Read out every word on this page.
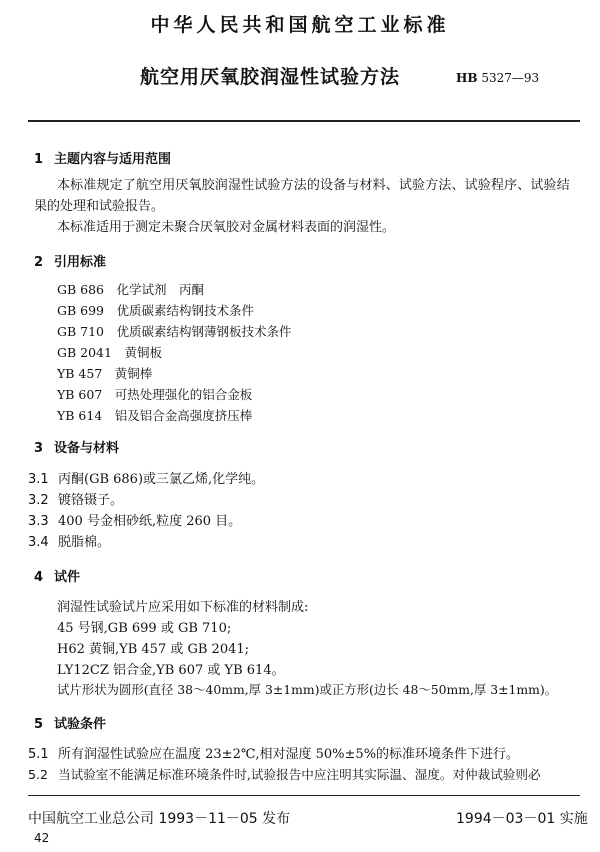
中华人民共和国航空工业标准
航空用厌氧胶润湿性试验方法	HB 5327—93
1 主题内容与适用范围
本标准规定了航空用厌氧胶润湿性试验方法的设备与材料、试验方法、试验程序、试验结
果的处理和试验报告。
本标准适用于测定未聚合厌氧胶对金属材料表面的润湿性。
2 引用标准
GB 686　 化学试剂　丙酮
GB 699　 优质碳素结构钢技术条件
GB 710　 优质碳素结构钢薄钢板技术条件
GB 2041　 黄铜板
YB 457　 黄铜棒
YB 607　 可热处理强化的铝合金板
YB 614　 铝及铝合金高强度挤压棒
3 设备与材料
3.1 丙酮(GB 686)或三氯乙烯,化学纯。
3.2 镀铬镊子。
3.3 400 号金相砂纸,粒度 260 目。
3.4 脱脂棉。
4 试件
润湿性试验试片应采用如下标准的材料制成:
45 号钢,GB 699 或 GB 710;
H62 黄铜,YB 457 或 GB 2041;
LY12CZ 铝合金,YB 607 或 YB 614。
试片形状为圆形(直径 38～40mm,厚 3±1mm)或正方形(边长 48～50mm,厚 3±1mm)。
5 试验条件
5.1 所有润湿性试验应在温度 23±2℃,相对湿度 50%±5%的标准环境条件下进行。
5.2 当试验室不能满足标准环境条件时,试验报告中应注明其实际温、湿度。对仲裁试验则必
中国航空工业总公司 1993－11－05 发布	1994－03－01 实施
42
